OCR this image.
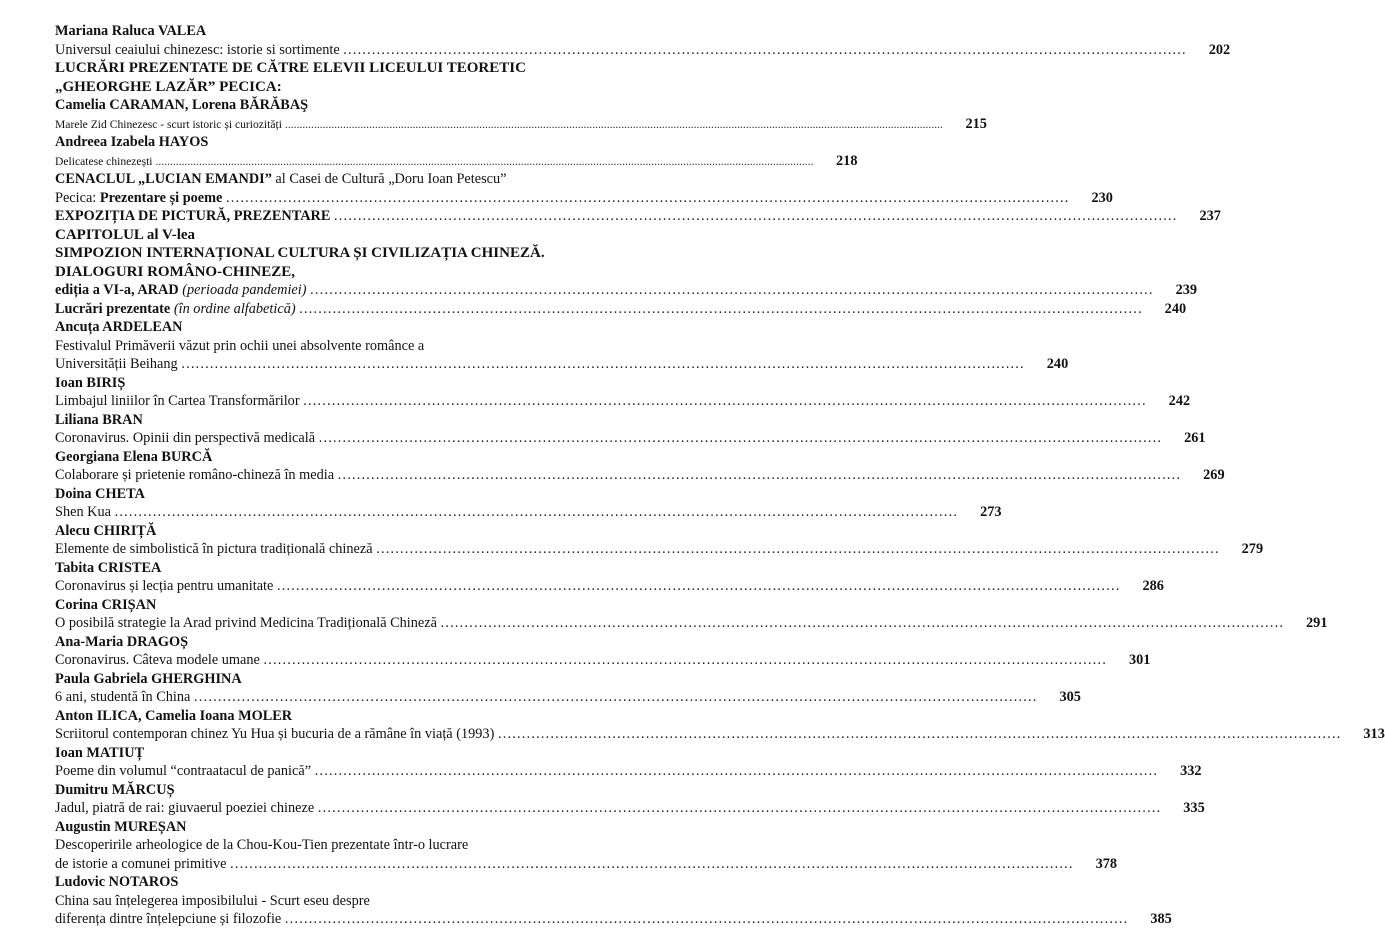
Mariana Raluca VALEA
Universul ceaiului chinezesc: istorie si sortimente ……………………………………………………………………………………………………………………………………………………………	202
LUCRĂRI PREZENTATE DE CĂTRE ELEVII LICEULUI TEORETIC
„GHEORGHE LAZĂR” PECICA:
Camelia CARAMAN, Lorena BĂRĂBAŞ
Marele Zid Chinezesc - scurt istoric și curiozități .....	215
Andreea Izabela HAYOS
Delicatese chinezești .....	218
CENACLUL „LUCIAN EMANDI” al Casei de Cultură „Doru Ioan Petescu”
Pecica: Prezentare și poeme ……………………………………………………………………………………………………………………………………………………………	230
EXPOZIȚIA DE PICTURĂ, PREZENTARE ……………………………………………………………………………………………………………………………………………………………	237
CAPITOLUL al V-lea
SIMPOZION INTERNAȚIONAL CULTURA ȘI CIVILIZAȚIA CHINEZĂ.
DIALOGURI ROMÂNO-CHINEZE,
ediția a VI-a, ARAD (perioada pandemiei) ……………………………………………………………………………………………………………………………………………………………	239
Lucrări prezentate (în ordine alfabetică) ……………………………………………………………………………………………………………………………………………………………	240
Ancuța ARDELEAN
Festivalul Primăverii văzut prin ochii unei absolvente românce a
Universității Beihang ……………………………………………………………………………………………………………………………………………………………	240
Ioan BIRIȘ
Limbajul liniilor în Cartea Transformărilor ……………………………………………………………………………………………………………………………………………………………	242
Liliana BRAN
Coronavirus. Opinii din perspectivă medicală ……………………………………………………………………………………………………………………………………………………………	261
Georgiana Elena BURCĂ
Colaborare și prietenie româno-chineză în media ……………………………………………………………………………………………………………………………………………………………	269
Doina CHETA
Shen Kua ……………………………………………………………………………………………………………………………………………………………	273
Alecu CHIRIȚĂ
Elemente de simbolistică în pictura tradițională chineză ……………………………………………………………………………………………………………………………………………………………	279
Tabita CRISTEA
Coronavirus și lecția pentru umanitate ……………………………………………………………………………………………………………………………………………………………	286
Corina CRIȘAN
O posibilă strategie la Arad privind Medicina Tradițională Chineză ……………………………………………………………………………………………………………………………………………………………	291
Ana-Maria DRAGOȘ
Coronavirus. Câteva modele umane ……………………………………………………………………………………………………………………………………………………………	301
Paula Gabriela GHERGHINA
6 ani, studentă în China ……………………………………………………………………………………………………………………………………………………………	305
Anton ILICA, Camelia Ioana MOLER
Scriitorul contemporan chinez Yu Hua și bucuria de a rămâne în viață (1993) ……………………………………………………………………………………………………………………………………………………………	313
Ioan MATIUȚ
Poeme din volumul “contraatacul de panică” ……………………………………………………………………………………………………………………………………………………………	332
Dumitru MĂRCUȘ
Jadul, piatră de rai: giuvaerul poeziei chineze ……………………………………………………………………………………………………………………………………………………………	335
Augustin MUREȘAN
Descoperirile arheologice de la Chou-Kou-Tien prezentate într-o lucrare
de istorie a comunei primitive ……………………………………………………………………………………………………………………………………………………………	378
Ludovic NOTAROS
China sau înțelegerea imposibilului - Scurt eseu despre
diferența dintre înțelepciune și filozofie ……………………………………………………………………………………………………………………………………………………………	385
